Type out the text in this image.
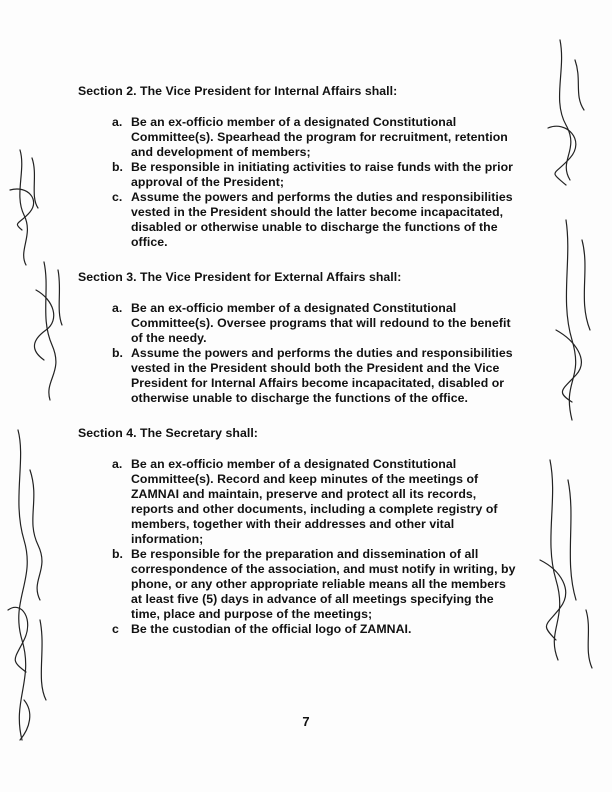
Section 2. The Vice President for Internal Affairs shall:
a. Be an ex-officio member of a designated Constitutional Committee(s). Spearhead the program for recruitment, retention and development of members;
b. Be responsible in initiating activities to raise funds with the prior approval of the President;
c. Assume the powers and performs the duties and responsibilities vested in the President should the latter become incapacitated, disabled or otherwise unable to discharge the functions of the office.
Section 3. The Vice President for External Affairs shall:
a. Be an ex-officio member of a designated Constitutional Committee(s). Oversee programs that will redound to the benefit of the needy.
b. Assume the powers and performs the duties and responsibilities vested in the President should both the President and the Vice President for Internal Affairs become incapacitated, disabled or otherwise unable to discharge the functions of the office.
Section 4. The Secretary shall:
a. Be an ex-officio member of a designated Constitutional Committee(s). Record and keep minutes of the meetings of ZAMNAI and maintain, preserve and protect all its records, reports and other documents, including a complete registry of members, together with their addresses and other vital information;
b. Be responsible for the preparation and dissemination of all correspondence of the association, and must notify in writing, by phone, or any other appropriate reliable means all the members at least five (5) days in advance of all meetings specifying the time, place and purpose of the meetings;
c Be the custodian of the official logo of ZAMNAI.
7
